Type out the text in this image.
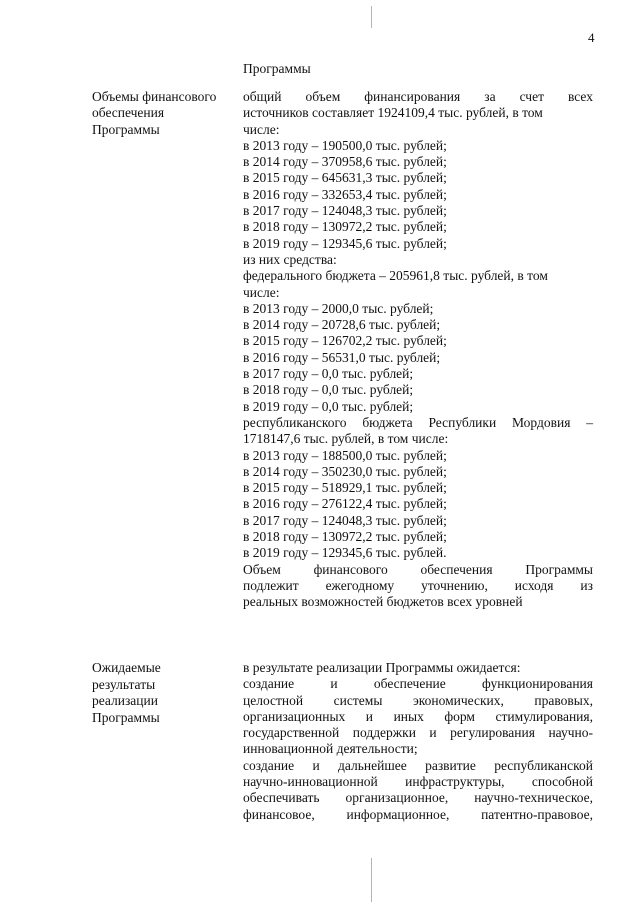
4
Программы
Объемы финансового
обеспечения
Программы
общий объем финансирования за счет всех
источников составляет 1924109,4 тыс. рублей, в том
числе:
в 2013 году – 190500,0 тыс. рублей;
в 2014 году – 370958,6 тыс. рублей;
в 2015 году – 645631,3 тыс. рублей;
в 2016 году – 332653,4 тыс. рублей;
в 2017 году – 124048,3 тыс. рублей;
в 2018 году – 130972,2 тыс. рублей;
в 2019 году – 129345,6 тыс. рублей;
из них средства:
федерального бюджета – 205961,8 тыс. рублей, в том
числе:
в 2013 году – 2000,0 тыс. рублей;
в 2014 году – 20728,6 тыс. рублей;
в 2015 году – 126702,2 тыс. рублей;
в 2016 году – 56531,0 тыс. рублей;
в 2017 году – 0,0 тыс. рублей;
в 2018 году – 0,0 тыс. рублей;
в 2019 году – 0,0 тыс. рублей;
республиканского бюджета Республики Мордовия –
1718147,6 тыс. рублей, в том числе:
в 2013 году – 188500,0 тыс. рублей;
в 2014 году – 350230,0 тыс. рублей;
в 2015 году – 518929,1 тыс. рублей;
в 2016 году – 276122,4 тыс. рублей;
в 2017 году – 124048,3 тыс. рублей;
в 2018 году – 130972,2 тыс. рублей;
в 2019 году – 129345,6 тыс. рублей.
Объем финансового обеспечения Программы
подлежит ежегодному уточнению, исходя из
реальных возможностей бюджетов всех уровней
Ожидаемые
результаты
реализации
Программы
в результате реализации Программы ожидается:
создание и обеспечение функционирования
целостной системы экономических, правовых,
организационных и иных форм стимулирования,
государственной поддержки и регулирования научно-
инновационной деятельности;
создание и дальнейшее развитие республиканской
научно-инновационной инфраструктуры, способной
обеспечивать организационное, научно-техническое,
финансовое, информационное, патентно-правовое,
